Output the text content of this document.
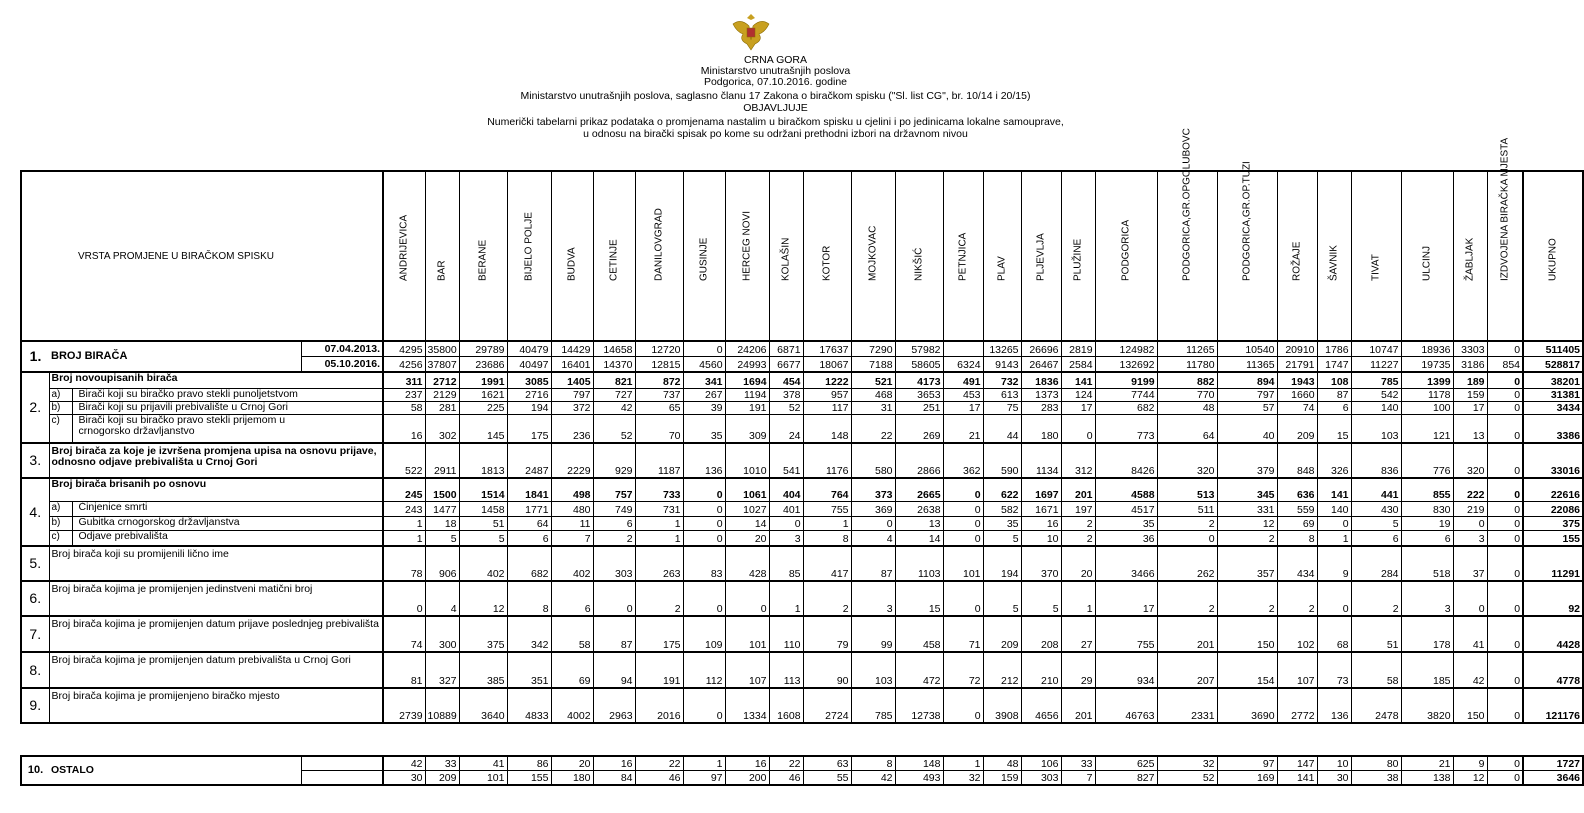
CRNA GORA
Ministarstvo unutrašnjih poslova
Podgorica, 07.10.2016. godine
Ministarstvo unutrašnjih poslova, saglasno članu 17 Zakona o biračkom spisku ("Sl. list CG", br. 10/14 i 20/15)
OBJAVLJUJE
Numerički tabelarni prikaz podataka o promjenama nastalim u biračkom spisku u cjelini i po jedinicama lokalne samouprave,
u odnosu na birački spisak po kome su održani prethodni izbori na državnom nivou
VRSTA PROMJENE U BIRAČKOM SPISKU			ANDRIJEVICA	BAR	BERANE	BIJELO POLJE	BUDVA	CETINJE	DANILOVGRAD	GUSINJE	HERCEG NOVI	KOLAŠIN	KOTOR	MOJKOVAC	NIKŠIĆ	PETNJICA	PLAV	PLJEVLJA	PLUŽINE	PODGORICA	PODGORICA,GR.OPGOLUBOVC	PODGORICA,GR.OP.TUZI	ROŽAJE	ŠAVNIK	TIVAT	ULCINJ	ŽABLJAK	IZDVOJENA BIRAČKA MJESTA	UKUPNO

1.	BROJ BIRAČA	07.04.2013.	4295	35800	29789	40479	14429	14658	12720	0	24206	6871	17637	7290	57982		13265	26696	2819	124982	11265	10540	20910	1786	10747	18936	3303	0	511405
		05.10.2016.	4256	37807	23686	40497	16401	14370	12815	4560	24993	6677	18067	7188	58605	6324	9143	26467	2584	132692	11780	11365	21791	1747	11227	19735	3186	854	528817
2.	Broj novoupisanih birača		311	2712	1991	3085	1405	821	872	341	1694	454	1222	521	4173	491	732	1836	141	9199	882	894	1943	108	785	1399	189	0	38201

	a) Birači koji su biračko pravo stekli punoljetstvom		237	2129	1621	2716	797	727	737	267	1194	378	957	468	3653	453	613	1373	124	7744	770	797	1660	87	542	1178	159	0	31381

	b) Birači koji su prijavili prebivalište u Crnoj Gori		58	281	225	194	372	42	65	39	191	52	117	31	251	17	75	283	17	682	48	57	74	6	140	100	17	0	3434

	c) Birači koji su biračko pravo stekli prijemom u crnogorsko državljanstvo		16	302	145	175	236	52	70	35	309	24	148	22	269	21	44	180	0	773	64	40	209	15	103	121	13	0	3386
3.	Broj birača za koje je izvršena promjena upisa na osnovu prijave, odnosno odjave prebivališta u Crnoj Gori		522	2911	1813	2487	2229	929	1187	136	1010	541	1176	580	2866	362	590	1134	312	8426	320	379	848	326	836	776	320	0	33016
4.	Broj birača brisanih po osnovu		245	1500	1514	1841	498	757	733	0	1061	404	764	373	2665	0	622	1697	201	4588	513	345	636	141	441	855	222	0	22616

	a) Činjenice smrti		243	1477	1458	1771	480	749	731	0	1027	401	755	369	2638	0	582	1671	197	4517	511	331	559	140	430	830	219	0	22086

	b) Gubitka crnogorskog državljanstva		1	18	51	64	11	6	1	0	14	0	1	0	13	0	35	16	2	35	2	12	69	0	5	19	0	0	375

	c) Odjave prebivališta		1	5	5	6	7	2	1	0	20	3	8	4	14	0	5	10	2	36	0	2	8	1	6	6	3	0	155
5.	Broj birača koji su promijenili lično ime		78	906	402	682	402	303	263	83	428	85	417	87	1103	101	194	370	20	3466	262	357	434	9	284	518	37	0	11291
6.	Broj birača kojima je promijenjen jedinstveni matični broj		0	4	12	8	6	0	2	0	0	1	2	3	15	0	5	5	1	17	2	2	2	0	2	3	0	0	92
7.	Broj birača kojima je promijenjen datum prijave poslednjeg prebivališta		74	300	375	342	58	87	175	109	101	110	79	99	458	71	209	208	27	755	201	150	102	68	51	178	41	0	4428
8.	Broj birača kojima je promijenjen datum prebivališta u Crnoj Gori		81	327	385	351	69	94	191	112	107	113	90	103	472	72	212	210	29	934	207	154	107	73	58	185	42	0	4778
9.	Broj birača kojima je promijenjeno biračko mjesto		2739	10889	3640	4833	4002	2963	2016	0	1334	1608	2724	785	12738	0	3908	4656	201	46763	2331	3690	2772	136	2478	3820	150	0	121176
10.	OSTALO		42	33	41	86	20	16	22	1	16	22	63	8	148	1	48	106	33	625	32	97	147	10	80	21	9	0	1727
			30	209	101	155	180	84	46	97	200	46	55	42	493	32	159	303	7	827	52	169	141	30	38	138	12	0	3646
